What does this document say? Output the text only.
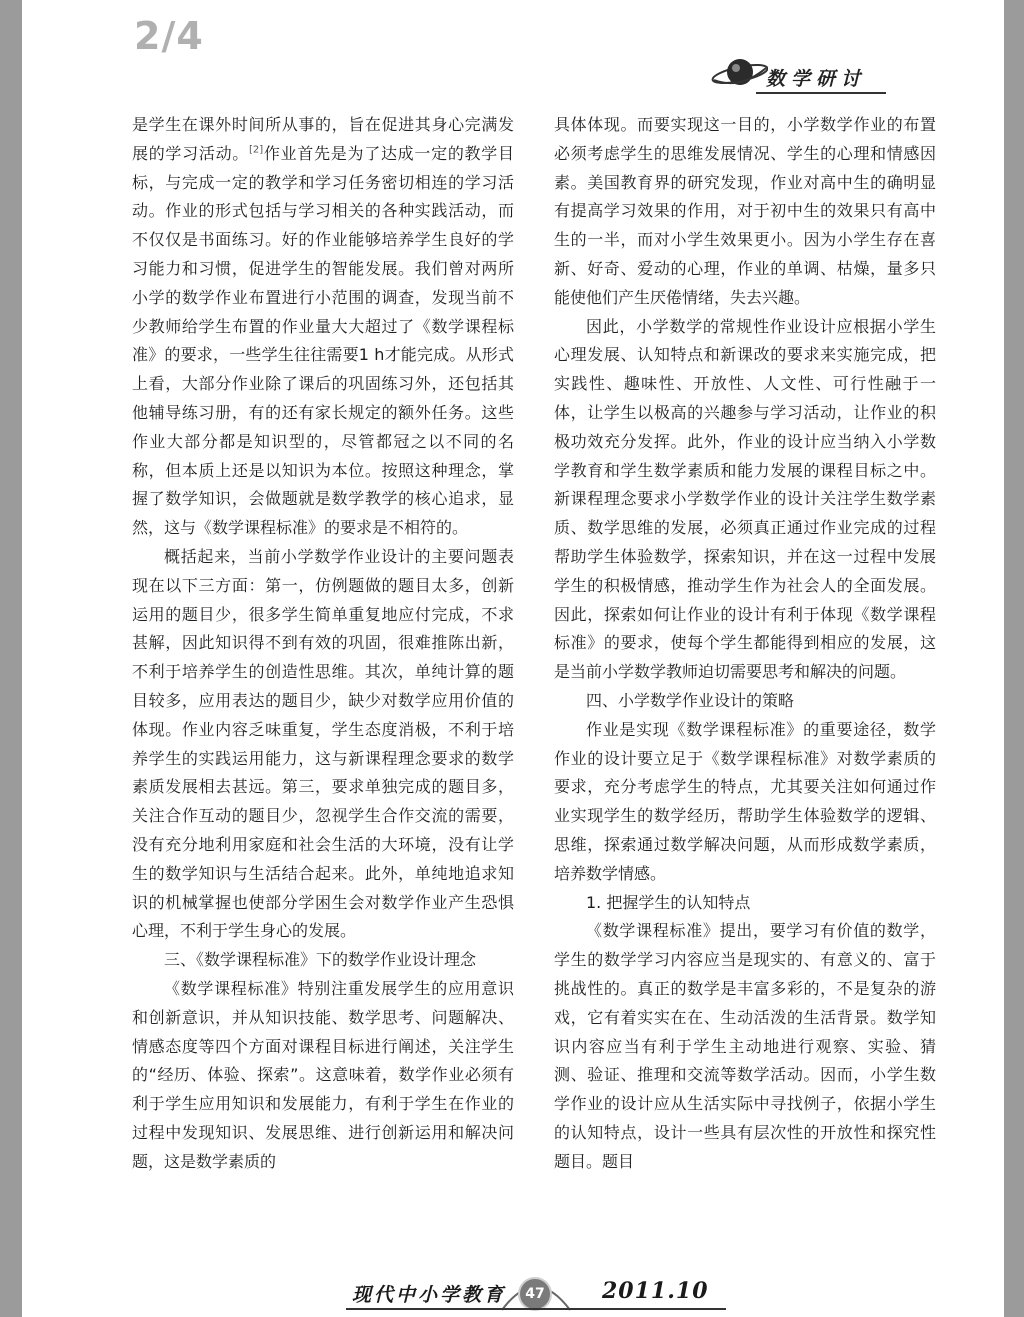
2/4
数学研讨

是学生在课外时间所从事的，旨在促进其身心完满发展的学习活动。[2]作业首先是为了达成一定的教学目标，与完成一定的教学和学习任务密切相连的学习活动。作业的形式包括与学习相关的各种实践活动，而不仅仅是书面练习。好的作业能够培养学生良好的学习能力和习惯，促进学生的智能发展。我们曾对两所小学的数学作业布置进行小范围的调查，发现当前不少教师给学生布置的作业量大大超过了《数学课程标准》的要求，一些学生往往需要1 h才能完成。从形式上看，大部分作业除了课后的巩固练习外，还包括其他辅导练习册，有的还有家长规定的额外任务。这些作业大部分都是知识型的，尽管都冠之以不同的名称，但本质上还是以知识为本位。按照这种理念，掌握了数学知识，会做题就是数学教学的核心追求，显然，这与《数学课程标准》的要求是不相符的。

概括起来，当前小学数学作业设计的主要问题表现在以下三方面：第一，仿例题做的题目太多，创新运用的题目少，很多学生简单重复地应付完成，不求甚解，因此知识得不到有效的巩固，很难推陈出新，不利于培养学生的创造性思维。其次，单纯计算的题目较多，应用表达的题目少，缺少对数学应用价值的体现。作业内容乏味重复，学生态度消极，不利于培养学生的实践运用能力，这与新课程理念要求的数学素质发展相去甚远。第三，要求单独完成的题目多，关注合作互动的题目少，忽视学生合作交流的需要，没有充分地利用家庭和社会生活的大环境，没有让学生的数学知识与生活结合起来。此外，单纯地追求知识的机械掌握也使部分学困生会对数学作业产生恐惧心理，不利于学生身心的发展。

三、《数学课程标准》下的数学作业设计理念

《数学课程标准》特别注重发展学生的应用意识和创新意识，并从知识技能、数学思考、问题解决、情感态度等四个方面对课程目标进行阐述，关注学生的“经历、体验、探索”。这意味着，数学作业必须有利于学生应用知识和发展能力，有利于学生在作业的过程中发现知识、发展思维、进行创新运用和解决问题，这是数学素质的

具体体现。而要实现这一目的，小学数学作业的布置必须考虑学生的思维发展情况、学生的心理和情感因素。美国教育界的研究发现，作业对高中生的确明显有提高学习效果的作用，对于初中生的效果只有高中生的一半，而对小学生效果更小。因为小学生存在喜新、好奇、爱动的心理，作业的单调、枯燥，量多只能使他们产生厌倦情绪，失去兴趣。

因此，小学数学的常规性作业设计应根据小学生心理发展、认知特点和新课改的要求来实施完成，把实践性、趣味性、开放性、人文性、可行性融于一体，让学生以极高的兴趣参与学习活动，让作业的积极功效充分发挥。此外，作业的设计应当纳入小学数学教育和学生数学素质和能力发展的课程目标之中。新课程理念要求小学数学作业的设计关注学生数学素质、数学思维的发展，必须真正通过作业完成的过程帮助学生体验数学，探索知识，并在这一过程中发展学生的积极情感，推动学生作为社会人的全面发展。因此，探索如何让作业的设计有利于体现《数学课程标准》的要求，使每个学生都能得到相应的发展，这是当前小学数学教师迫切需要思考和解决的问题。

四、小学数学作业设计的策略

作业是实现《数学课程标准》的重要途径，数学作业的设计要立足于《数学课程标准》对数学素质的要求，充分考虑学生的特点，尤其要关注如何通过作业实现学生的数学经历，帮助学生体验数学的逻辑、思维，探索通过数学解决问题，从而形成数学素质，培养数学情感。

1. 把握学生的认知特点

《数学课程标准》提出，要学习有价值的数学，学生的数学学习内容应当是现实的、有意义的、富于挑战性的。真正的数学是丰富多彩的，不是复杂的游戏，它有着实实在在、生动活泼的生活背景。数学知识内容应当有利于学生主动地进行观察、实验、猜测、验证、推理和交流等数学活动。因而，小学生数学作业的设计应从生活实际中寻找例子，依据小学生的认知特点，设计一些具有层次性的开放性和探究性题目。题目

现代中小学教育	47	2011.10
